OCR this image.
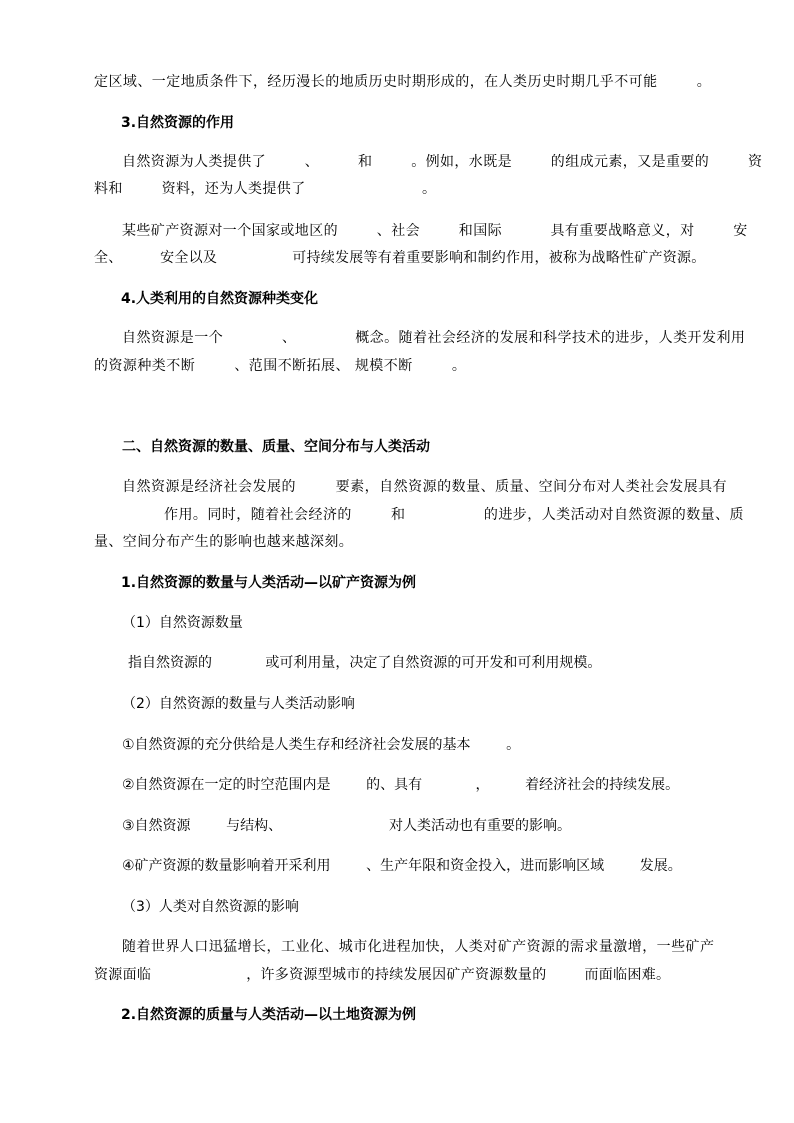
定区域、一定地质条件下，经历漫长的地质历史时期形成的，在人类历史时期几乎不可能        。
3.自然资源的作用
自然资源为人类提供了        、        和        。例如，水既是        的组成元素，又是重要的        资
料和        资料，还为人类提供了                        。
某些矿产资源对一个国家或地区的        、社会        和国际          具有重要战略意义，对        安
全、        安全以及                可持续发展等有着重要影响和制约作用，被称为战略性矿产资源。
4.人类利用的自然资源种类变化
自然资源是一个            、            概念。随着社会经济的发展和科学技术的进步，人类开发利用
的资源种类不断        、范围不断拓展、 规模不断        。
二、自然资源的数量、质量、空间分布与人类活动
自然资源是经济社会发展的        要素，自然资源的数量、质量、空间分布对人类社会发展具有
作用。同时，随着社会经济的        和                的进步，人类活动对自然资源的数量、质
量、空间分布产生的影响也越来越深刻。
1.自然资源的数量与人类活动—以矿产资源为例
（1）自然资源数量
指自然资源的            或可利用量，决定了自然资源的可开发和可利用规模。
（2）自然资源的数量与人类活动影响
①自然资源的充分供给是人类生存和经济社会发展的基本        。
②自然资源在一定的时空范围内是        的、具有            ，        着经济社会的持续发展。
③自然资源        与结构、                        对人类活动也有重要的影响。
④矿产资源的数量影响着开采利用        、生产年限和资金投入，进而影响区域        发展。
（3）人类对自然资源的影响
随着世界人口迅猛增长，工业化、城市化进程加快，人类对矿产资源的需求量激增，一些矿产
资源面临                    ，许多资源型城市的持续发展因矿产资源数量的        而面临困难。
2.自然资源的质量与人类活动—以土地资源为例
